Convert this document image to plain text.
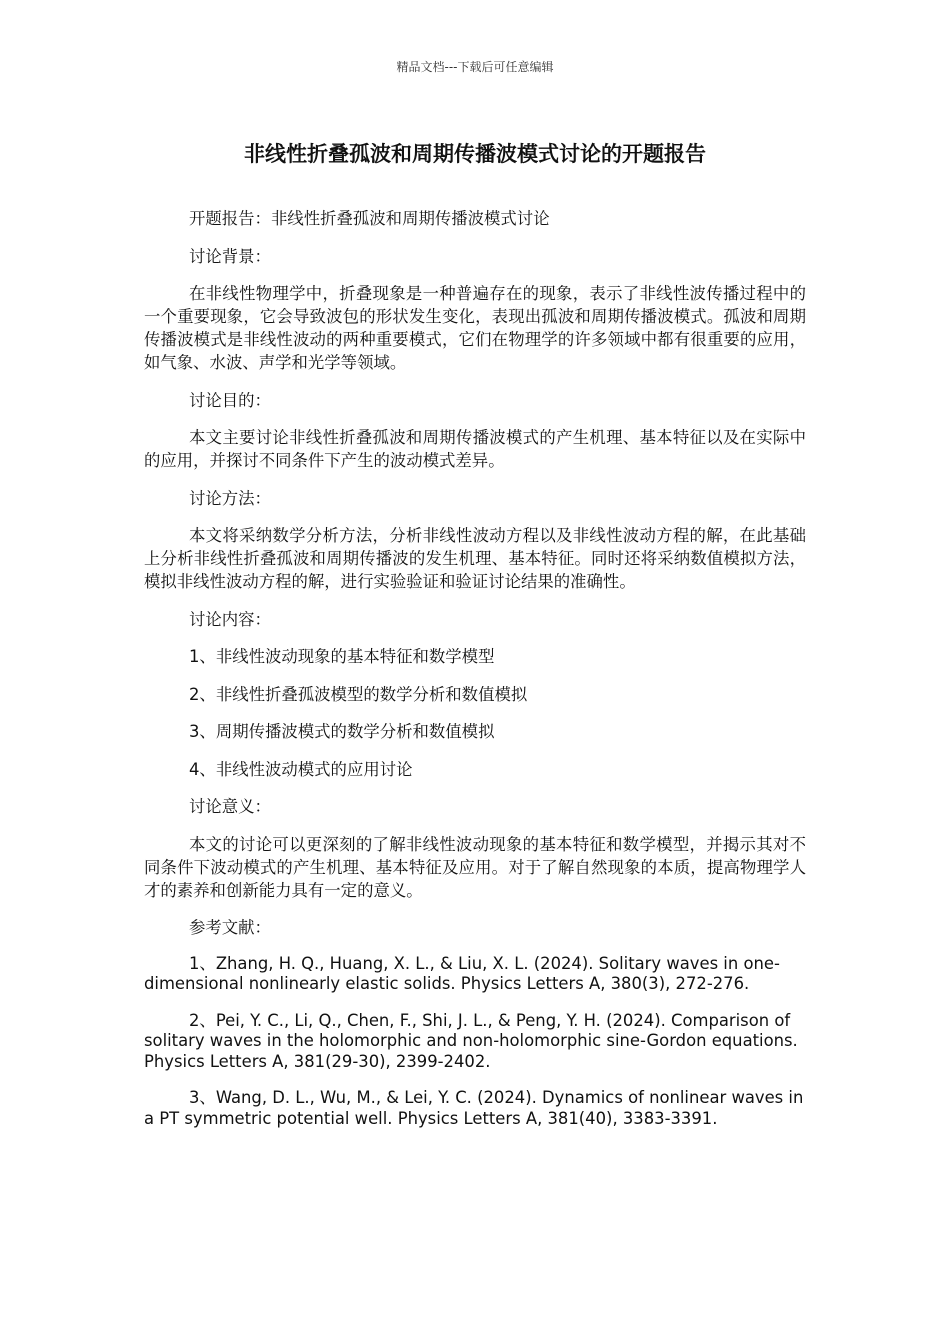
精品文档---下载后可任意编辑
非线性折叠孤波和周期传播波模式讨论的开题报告

开题报告：非线性折叠孤波和周期传播波模式讨论

讨论背景：

在非线性物理学中，折叠现象是一种普遍存在的现象，表示了非线性波传播过程中的一个重要现象，它会导致波包的形状发生变化，表现出孤波和周期传播波模式。孤波和周期传播波模式是非线性波动的两种重要模式，它们在物理学的许多领域中都有很重要的应用，如气象、水波、声学和光学等领域。

讨论目的：

本文主要讨论非线性折叠孤波和周期传播波模式的产生机理、基本特征以及在实际中的应用，并探讨不同条件下产生的波动模式差异。

讨论方法：

本文将采纳数学分析方法，分析非线性波动方程以及非线性波动方程的解，在此基础上分析非线性折叠孤波和周期传播波的发生机理、基本特征。同时还将采纳数值模拟方法，模拟非线性波动方程的解，进行实验验证和验证讨论结果的准确性。

讨论内容：

1、非线性波动现象的基本特征和数学模型

2、非线性折叠孤波模型的数学分析和数值模拟

3、周期传播波模式的数学分析和数值模拟

4、非线性波动模式的应用讨论

讨论意义：

本文的讨论可以更深刻的了解非线性波动现象的基本特征和数学模型，并揭示其对不同条件下波动模式的产生机理、基本特征及应用。对于了解自然现象的本质，提高物理学人才的素养和创新能力具有一定的意义。

参考文献：

1、Zhang, H. Q., Huang, X. L., & Liu, X. L. (2024). Solitary waves in one-dimensional nonlinearly elastic solids. Physics Letters A, 380(3), 272-276.

2、Pei, Y. C., Li, Q., Chen, F., Shi, J. L., & Peng, Y. H. (2024). Comparison of solitary waves in the holomorphic and non-holomorphic sine-Gordon equations. Physics Letters A, 381(29-30), 2399-2402.

3、Wang, D. L., Wu, M., & Lei, Y. C. (2024). Dynamics of nonlinear waves in a PT symmetric potential well. Physics Letters A, 381(40), 3383-3391.
